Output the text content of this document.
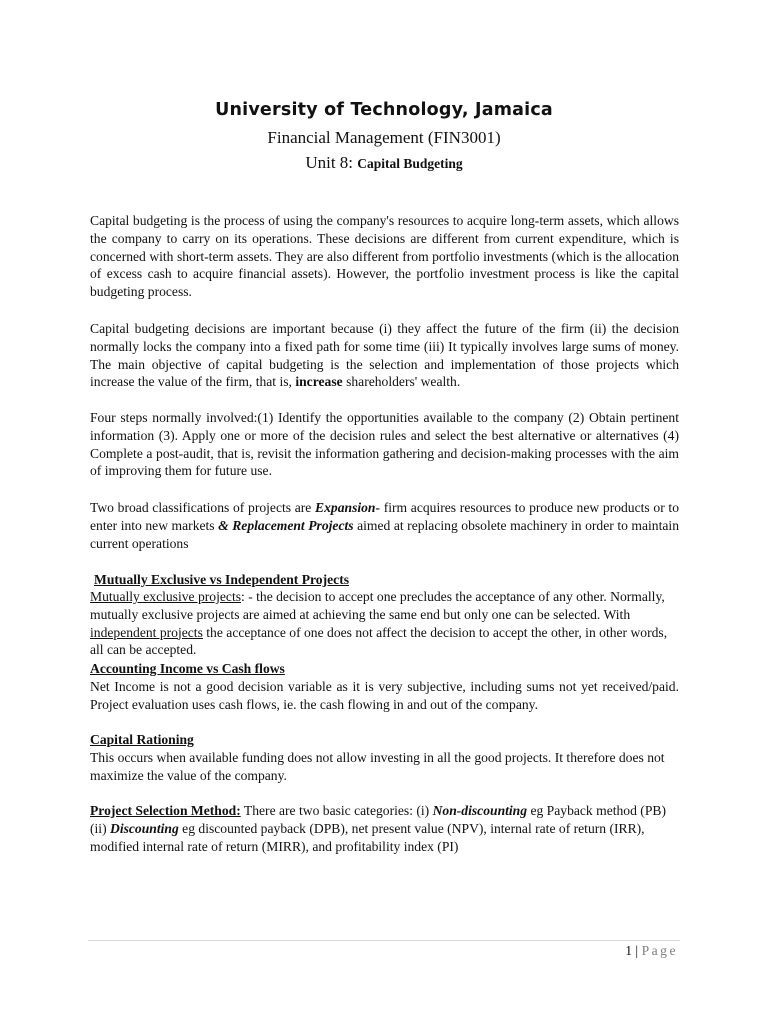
University of Technology, Jamaica
Financial Management (FIN3001)
Unit 8: Capital Budgeting

Capital budgeting is the process of using the company's resources to acquire long-term assets, which allows the company to carry on its operations. These decisions are different from current expenditure, which is concerned with short-term assets. They are also different from portfolio investments (which is the allocation of excess cash to acquire financial assets). However, the portfolio investment process is like the capital budgeting process.

Capital budgeting decisions are important because (i) they affect the future of the firm (ii) the decision normally locks the company into a fixed path for some time (iii) It typically involves large sums of money. The main objective of capital budgeting is the selection and implementation of those projects which increase the value of the firm, that is, increase shareholders' wealth.

Four steps normally involved:(1) Identify the opportunities available to the company (2) Obtain pertinent information (3). Apply one or more of the decision rules and select the best alternative or alternatives (4) Complete a post-audit, that is, revisit the information gathering and decision-making processes with the aim of improving them for future use.

Two broad classifications of projects are Expansion- firm acquires resources to produce new products or to enter into new markets & Replacement Projects aimed at replacing obsolete machinery in order to maintain current operations

Mutually Exclusive vs Independent Projects

Mutually exclusive projects: - the decision to accept one precludes the acceptance of any other. Normally, mutually exclusive projects are aimed at achieving the same end but only one can be selected. With independent projects the acceptance of one does not affect the decision to accept the other, in other words, all can be accepted.

Accounting Income vs Cash flows

Net Income is not a good decision variable as it is very subjective, including sums not yet received/paid. Project evaluation uses cash flows, ie. the cash flowing in and out of the company.

Capital Rationing

This occurs when available funding does not allow investing in all the good projects. It therefore does not maximize the value of the company.

Project Selection Method: There are two basic categories: (i) Non-discounting eg Payback method (PB) (ii) Discounting eg discounted payback (DPB), net present value (NPV), internal rate of return (IRR), modified internal rate of return (MIRR), and profitability index (PI)

1 | Page
